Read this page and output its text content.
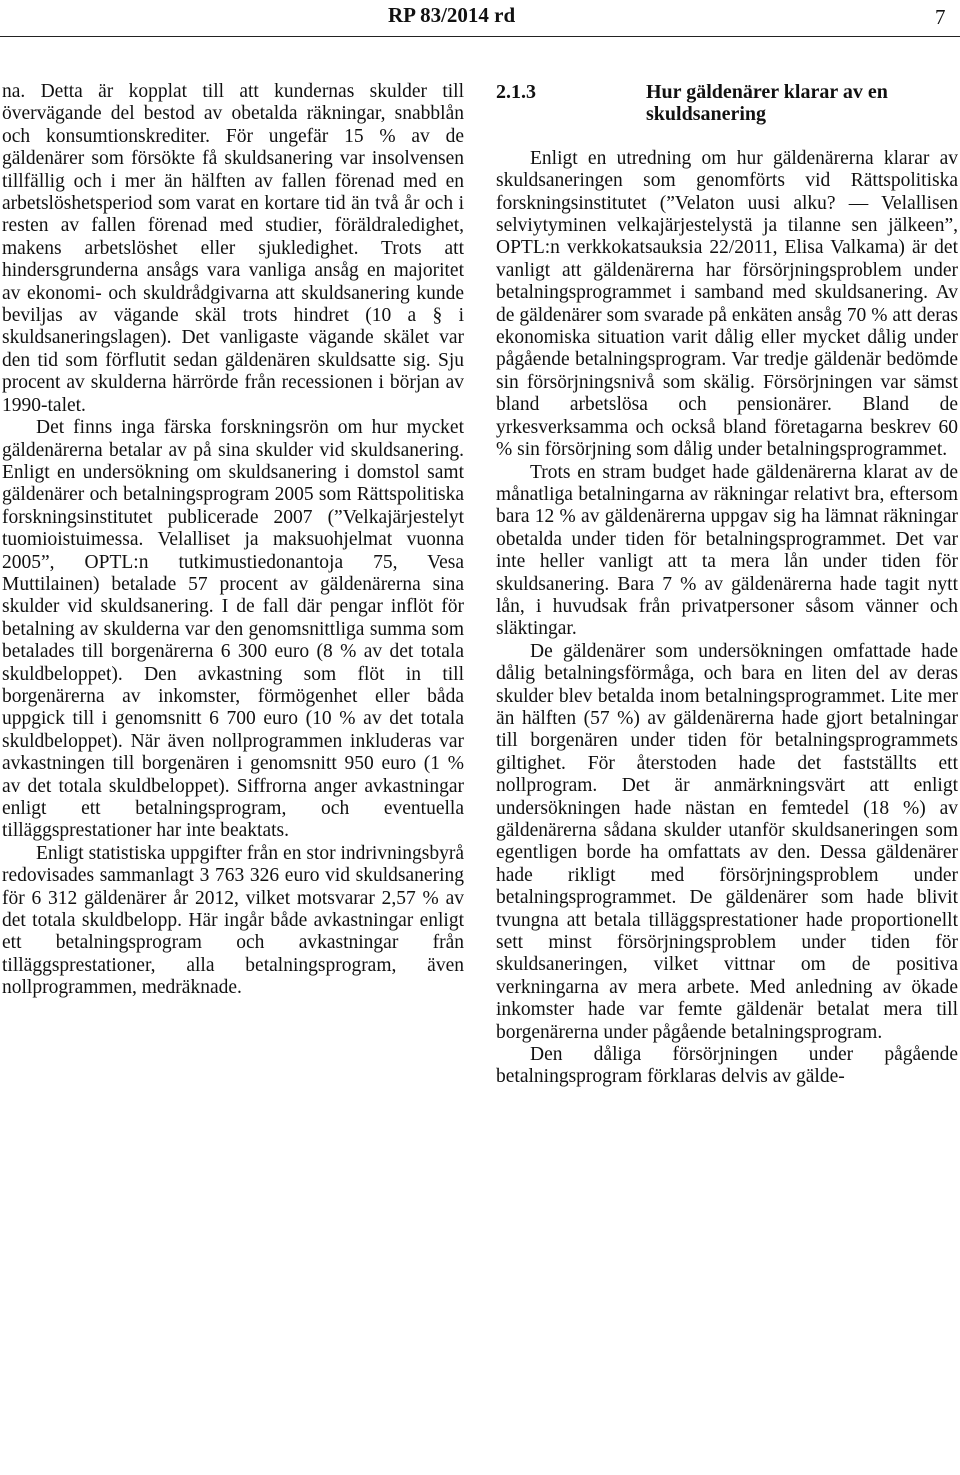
RP 83/2014 rd	7

na. Detta är kopplat till att kundernas skulder till övervägande del bestod av obetalda räkningar, snabblån och konsumtionskrediter. För ungefär 15 % av de gäldenärer som försökte få skuldsanering var insolvensen tillfällig och i mer än hälften av fallen förenad med en arbetslöshetsperiod som varat en kortare tid än två år och i resten av fallen förenad med studier, föräldraledighet, makens arbetslöshet eller sjukledighet. Trots att hindersgrunderna ansågs vara vanliga ansåg en majoritet av ekonomi- och skuldrådgivarna att skuldsanering kunde beviljas av vägande skäl trots hindret (10 a § i skuldsaneringslagen). Det vanligaste vägande skälet var den tid som förflutit sedan gäldenären skuldsatte sig. Sju procent av skulderna härrörde från recessionen i början av 1990-talet.

Det finns inga färska forskningsrön om hur mycket gäldenärerna betalar av på sina skulder vid skuldsanering. Enligt en undersökning om skuldsanering i domstol samt gäldenärer och betalningsprogram 2005 som Rättspolitiska forskningsinstitutet publicerade 2007 (”Velkajärjestelyt tuomioistuimessa. Velalliset ja maksuohjelmat vuonna 2005”, OPTL:n tutkimustiedonantoja 75, Vesa Muttilainen) betalade 57 procent av gäldenärerna sina skulder vid skuldsanering. I de fall där pengar inflöt för betalning av skulderna var den genomsnittliga summa som betalades till borgenärerna 6 300 euro (8 % av det totala skuldbeloppet). Den avkastning som flöt in till borgenärerna av inkomster, förmögenhet eller båda uppgick till i genomsnitt 6 700 euro (10 % av det totala skuldbeloppet). När även nollprogrammen inkluderas var avkastningen till borgenären i genomsnitt 950 euro (1 % av det totala skuldbeloppet). Siffrorna anger avkastningar enligt ett betalningsprogram, och eventuella tilläggsprestationer har inte beaktats.

Enligt statistiska uppgifter från en stor indrivningsbyrå redovisades sammanlagt 3 763 326 euro vid skuldsanering för 6 312 gäldenärer år 2012, vilket motsvarar 2,57 % av det totala skuldbelopp. Här ingår både avkastningar enligt ett betalningsprogram och avkastningar från tilläggsprestationer, alla betalningsprogram, även nollprogrammen, medräknade.

2.1.3	Hur gäldenärer klarar av en skuldsanering

Enligt en utredning om hur gäldenärerna klarar av skuldsaneringen som genomförts vid Rättspolitiska forskningsinstitutet (”Velaton uusi alku? — Velallisen selviytyminen velkajärjestelystä ja tilanne sen jälkeen”, OPTL:n verkkokatsauksia 22/2011, Elisa Valkama) är det vanligt att gäldenärerna har försörjningsproblem under betalningsprogrammet i samband med skuldsanering. Av de gäldenärer som svarade på enkäten ansåg 70 % att deras ekonomiska situation varit dålig eller mycket dålig under pågående betalningsprogram. Var tredje gäldenär bedömde sin försörjningsnivå som skälig. Försörjningen var sämst bland arbetslösa och pensionärer. Bland de yrkesverksamma och också bland företagarna beskrev 60 % sin försörjning som dålig under betalningsprogrammet.

Trots en stram budget hade gäldenärerna klarat av de månatliga betalningarna av räkningar relativt bra, eftersom bara 12 % av gäldenärerna uppgav sig ha lämnat räkningar obetalda under tiden för betalningsprogrammet. Det var inte heller vanligt att ta mera lån under tiden för skuldsanering. Bara 7 % av gäldenärerna hade tagit nytt lån, i huvudsak från privatpersoner såsom vänner och släktingar.

De gäldenärer som undersökningen omfattade hade dålig betalningsförmåga, och bara en liten del av deras skulder blev betalda inom betalningsprogrammet. Lite mer än hälften (57 %) av gäldenärerna hade gjort betalningar till borgenären under tiden för betalningsprogrammets giltighet. För återstoden hade det fastställts ett nollprogram. Det är anmärkningsvärt att enligt undersökningen hade nästan en femtedel (18 %) av gäldenärerna sådana skulder utanför skuldsaneringen som egentligen borde ha omfattats av den. Dessa gäldenärer hade rikligt med försörjningsproblem under betalningsprogrammet. De gäldenärer som hade blivit tvungna att betala tilläggsprestationer hade proportionellt sett minst försörjningsproblem under tiden för skuldsaneringen, vilket vittnar om de positiva verkningarna av mera arbete. Med anledning av ökade inkomster hade var femte gäldenär betalat mera till borgenärerna under pågående betalningsprogram.

Den dåliga försörjningen under pågående betalningsprogram förklaras delvis av gälde-
